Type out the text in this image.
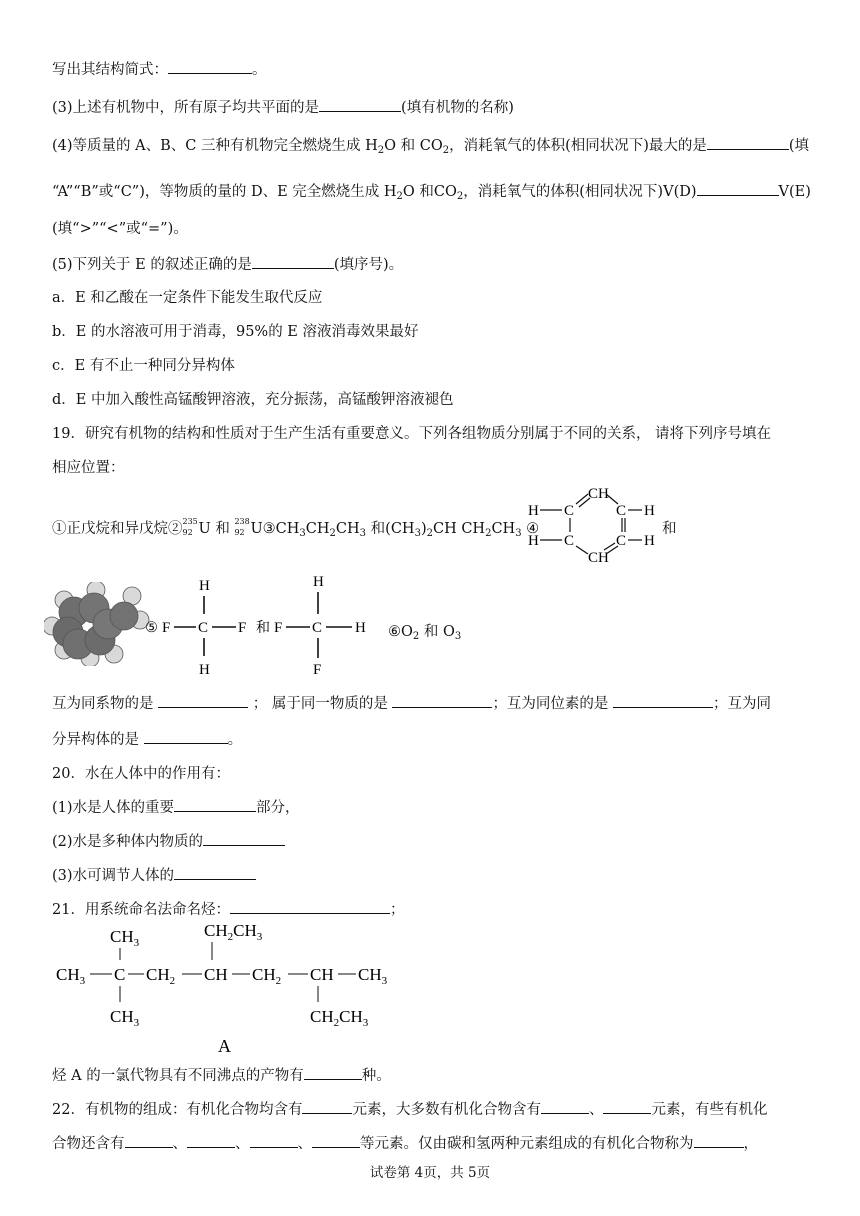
写出其结构简式：	。
(3)上述有机物中，所有原子均共平面的是	(填有机物的名称)
(4)等质量的 A、B、C 三种有机物完全燃烧生成 $H_2O$ 和 $CO_2$，消耗氧气的体积(相同状况下)最大的是	(填
“A”“B”或“C”)，等物质的量的 D、E 完全燃烧生成 $H_2O$ 和$CO_2$，消耗氧气的体积(相同状况下)V(D)	V(E)
(填“>”“<”或“=”)。
(5)下列关于 E 的叙述正确的是	(填序号)。
a．E 和乙酸在一定条件下能发生取代反应
b．E 的水溶液可用于消毒，95%的 E 溶液消毒效果最好
c．E 有不止一种同分异构体
d．E 中加入酸性高锰酸钾溶液，充分振荡，高锰酸钾溶液褪色
19．研究有机物的结构和性质对于生产生活有重要意义。下列各组物质分别属于不同的关系， 请将下列序号填在
相应位置：
①正戊烷和异戊烷② 235
92 U 和 238
92 $U③CH_3CH_2CH_3$ 和$(CH_3)_2CH$ $CH_2CH_3$ ④
CH
CH
C
C
C
C
H
H
H
H
和
⑤
H
F C F
H
和 F C H
H
F
$⑥O_2$ 和 $O_3$
互为同系物的是	； 属于同一物质的是	；互为同位素的是	；互为同
分异构体的是	。
20．水在人体中的作用有：
(1)水是人体的重要	部分，
(2)水是多种体内物质的
(3)水可调节人体的
21．用系统命名法命名烃：	；
$CH_3$
$CH_2CH_3$
$CH_3$ C $CH_2$ CH $CH_2$ CH $CH_3$
$CH_3$	$CH_2CH_3$
A
烃 A 的一氯代物具有不同沸点的产物有	种。
22．有机物的组成：有机化合物均含有	元素，大多数有机化合物含有	、	元素，有些有机化
合物还含有	、	、	、	等元素。仅由碳和氢两种元素组成的有机化合物称为	，
试卷第 4页，共 5页
